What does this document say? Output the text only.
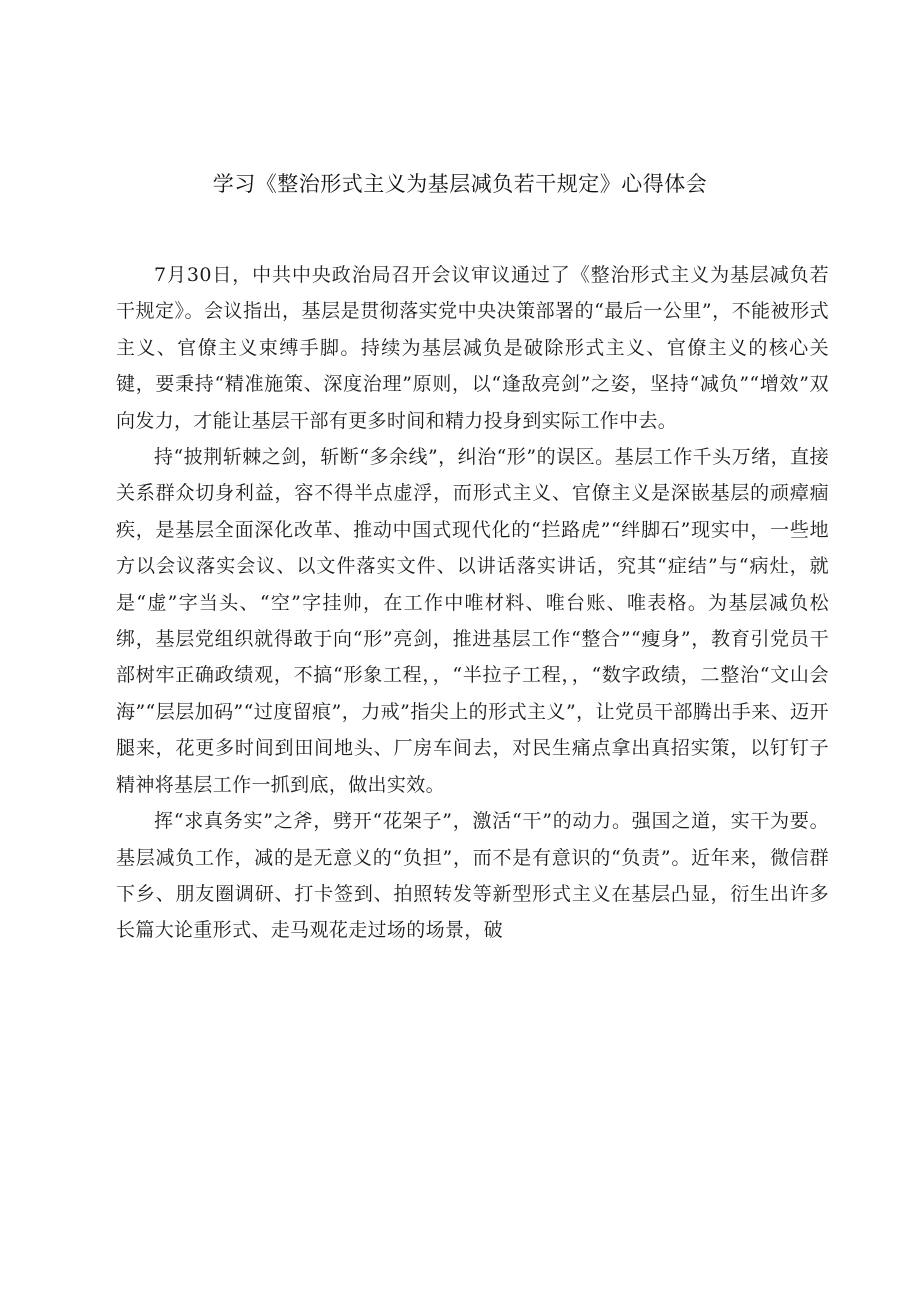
学习《整治形式主义为基层减负若干规定》心得体会

7月30日，中共中央政治局召开会议审议通过了《整治形式主义为基层减负若干规定》。会议指出，基层是贯彻落实党中央决策部署的“最后一公里”，不能被形式主义、官僚主义束缚手脚。持续为基层减负是破除形式主义、官僚主义的核心关键，要秉持“精准施策、深度治理”原则，以“逢敌亮剑”之姿，坚持“减负”“增效”双向发力，才能让基层干部有更多时间和精力投身到实际工作中去。

持“披荆斩棘之剑，斩断“多余线”，纠治“形”的误区。基层工作千头万绪，直接关系群众切身利益，容不得半点虚浮，而形式主义、官僚主义是深嵌基层的顽瘴痼疾，是基层全面深化改革、推动中国式现代化的“拦路虎”“绊脚石”现实中，一些地方以会议落实会议、以文件落实文件、以讲话落实讲话，究其“症结”与“病灶，就是“虚”字当头、“空”字挂帅，在工作中唯材料、唯台账、唯表格。为基层减负松绑，基层党组织就得敢于向“形”亮剑，推进基层工作“整合”“瘦身”，教育引党员干部树牢正确政绩观，不搞“形象工程，，“半拉子工程，，“数字政绩，二整治“文山会海”“层层加码”“过度留痕”，力戒”指尖上的形式主义”，让党员干部腾出手来、迈开腿来，花更多时间到田间地头、厂房车间去，对民生痛点拿出真招实策，以钉钉子精神将基层工作一抓到底，做出实效。

挥“求真务实”之斧，劈开“花架子”，激活“干”的动力。强国之道，实干为要。基层减负工作，减的是无意义的“负担”，而不是有意识的“负责”。近年来，微信群下乡、朋友圈调研、打卡签到、拍照转发等新型形式主义在基层凸显，衍生出许多长篇大论重形式、走马观花走过场的场景，破
